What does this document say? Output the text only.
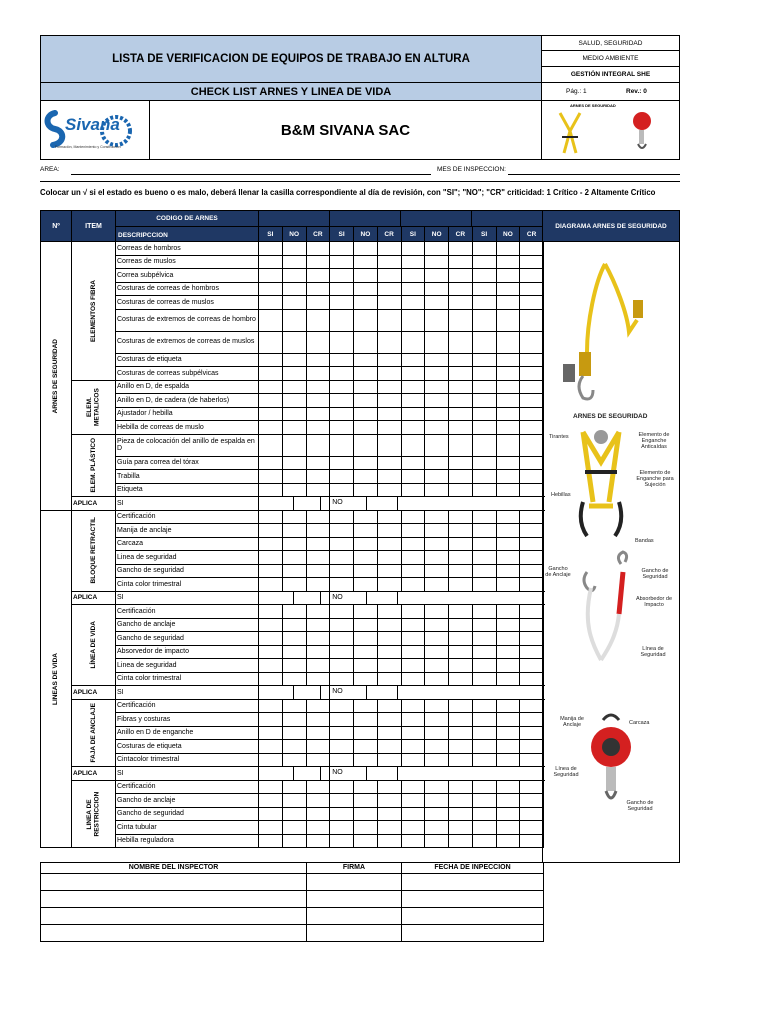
LISTA DE VERIFICACION DE EQUIPOS DE TRABAJO EN ALTURA
CHECK LIST ARNES Y LINEA DE VIDA
SALUD, SEGURIDAD
MEDIO AMBIENTE
GESTIÓN INTEGRAL SHE
Pág.: 1	Rev.: 0
Sivana
Formación, Mantenimiento y Construcción
B&M SIVANA SAC
ARNES DE SEGURIDAD
AREA:	MES DE INSPECCION:
Colocar un √ si el estado es bueno o es malo, deberá llenar la casilla correspondiente al día de revisión, con "SI"; "NO"; "CR" criticidad: 1 Crítico - 2 Altamente Crítico
Nº	ITEM
CODIGO DE ARNES
DESCRIPCCION	SI	NO	CR	SI	NO	CR	SI	NO	CR	SI	NO	CR
DIAGRAMA ARNES DE SEGURIDAD
ARNES DE SEGURIDAD	ELEMENTOS FIBRA	Correas de hombros												
		Correas de muslos												
		Correa subpélvica												
		Costuras de correas de hombros												
		Costuras de correas de muslos												
		Costuras de extremos de correas de hombro												
		Costuras de extremos de correas de muslos												
		Costuras de etiqueta												
		Costuras de correas subpélvicas												

	ELEM. METALICOS	Anillo en D, de espalda												
		Anillo en D, de cadera (de haberlos)												
		Ajustador / hebilla												
		Hebilla de correas de muslo												

	ELEM. PLÁSTICO	Pieza de colocación del anillo de espalda en D												
		Guía para correa del tórax												
		Trabilla												
		Etiqueta												
	APLICA	SI				NO								

LINEAS DE VIDA	BLOQUE RETRACTIL	Certificación												
		Manija de anclaje												
		Carcaza												
		Linea de seguridad												
		Gancho de seguridad												
		Cinta color trimestral												
	APLICA	SI				NO								

	LÍNEA DE VIDA	Certificación												
		Gancho de anclaje												
		Gancho de seguridad												
		Absorvedor de impacto												
		Linea de seguridad												
		Cinta color trimestral												
	APLICA	SI				NO								

	FAJA DE ANCLAJE	Certificación												
		Fibras y costuras												
		Anillo en D de enganche												
		Costuras de etiqueta												
		Cintacolor trimestral												
	APLICA	SI				NO								

	LINEA DE RESTRICCION	Certificación												
		Gancho de anclaje												
		Gancho de seguridad												
		Cinta tubular												
		Hebilla reguladora												
ARNES DE SEGURIDAD
Tirantes	Elemento de Enganche Anticaídas
Elemento de Enganche para Sujeción
Hebillas
Bandas
Gancho de Anclaje
Gancho de Seguridad
Absorbedor de Impacto
Línea de Seguridad
Manija de Anclaje	Carcaza
Línea de Seguridad
Gancho de Seguridad
NOMBRE DEL INSPECTOR	FIRMA	FECHA DE INPECCION
